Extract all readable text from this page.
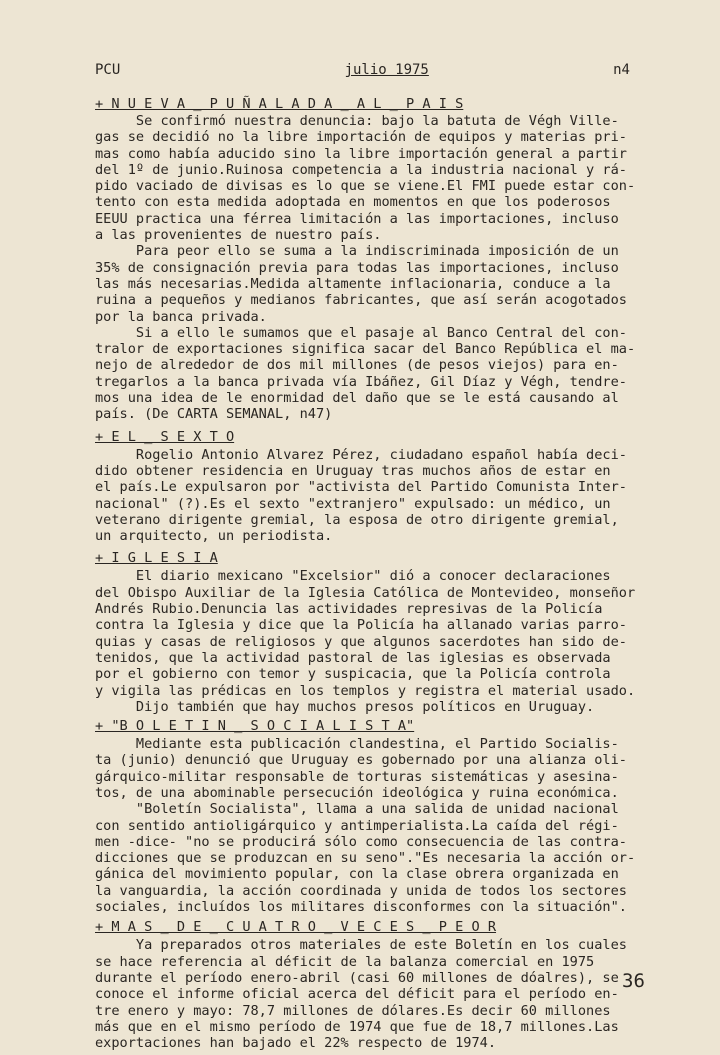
PCU	julio 1975	n4
+ N U E V A _ P U Ñ A L A D A _ A L _ P A I S
Se confirmó nuestra denuncia: bajo la batuta de Végh Ville-
gas se decidió no la libre importación de equipos y materias pri-
mas como había aducido sino la libre importación general a partir
del 1º de junio.Ruinosa competencia a la industria nacional y rá-
pido vaciado de divisas es lo que se viene.El FMI puede estar con-
tento con esta medida adoptada en momentos en que los poderosos
EEUU practica una férrea limitación a las importaciones, incluso
a las provenientes de nuestro país.
Para peor ello se suma a la indiscriminada imposición de un
35% de consignación previa para todas las importaciones, incluso
las más necesarias.Medida altamente inflacionaria, conduce a la
ruina a pequeños y medianos fabricantes, que así serán acogotados
por la banca privada.
Si a ello le sumamos que el pasaje al Banco Central del con-
tralor de exportaciones significa sacar del Banco República el ma-
nejo de alrededor de dos mil millones (de pesos viejos) para en-
tregarlos a la banca privada vía Ibáñez, Gil Díaz y Végh, tendre-
mos una idea de le enormidad del daño que se le está causando al
país. (De CARTA SEMANAL, n47)
+ E L _ S E X T O
Rogelio Antonio Alvarez Pérez, ciudadano español había deci-
dido obtener residencia en Uruguay tras muchos años de estar en
el país.Le expulsaron por "activista del Partido Comunista Inter-
nacional" (?).Es el sexto "extranjero" expulsado: un médico, un
veterano dirigente gremial, la esposa de otro dirigente gremial,
un arquitecto, un periodista.
+ I G L E S I A
El diario mexicano "Excelsior" dió a conocer declaraciones
del Obispo Auxiliar de la Iglesia Católica de Montevideo, monseñor
Andrés Rubio.Denuncia las actividades represivas de la Policía
contra la Iglesia y dice que la Policía ha allanado varias parro-
quias y casas de religiosos y que algunos sacerdotes han sido de-
tenidos, que la actividad pastoral de las iglesias es observada
por el gobierno con temor y suspicacia, que la Policía controla
y vigila las prédicas en los templos y registra el material usado.
Dijo también que hay muchos presos políticos en Uruguay.
+ "B O L E T I N _ S O C I A L I S T A"
Mediante esta publicación clandestina, el Partido Socialis-
ta (junio) denunció que Uruguay es gobernado por una alianza oli-
gárquico-militar responsable de torturas sistemáticas y asesina-
tos, de una abominable persecución ideológica y ruina económica.
"Boletín Socialista", llama a una salida de unidad nacional
con sentido antioligárquico y antimperialista.La caída del régi-
men -dice- "no se producirá sólo como consecuencia de las contra-
dicciones que se produzcan en su seno"."Es necesaria la acción or-
gánica del movimiento popular, con la clase obrera organizada en
la vanguardia, la acción coordinada y unida de todos los sectores
sociales, incluídos los militares disconformes con la situación".
+ M A S _ D E _ C U A T R O _ V E C E S _ P E O R
Ya preparados otros materiales de este Boletín en los cuales
se hace referencia al déficit de la balanza comercial en 1975
durante el período enero-abril (casi 60 millones de dóalres), se
conoce el informe oficial acerca del déficit para el período en-
tre enero y mayo: 78,7 millones de dólares.Es decir 60 millones
más que en el mismo período de 1974 que fue de 18,7 millones.Las
exportaciones han bajado el 22% respecto de 1974.
36
